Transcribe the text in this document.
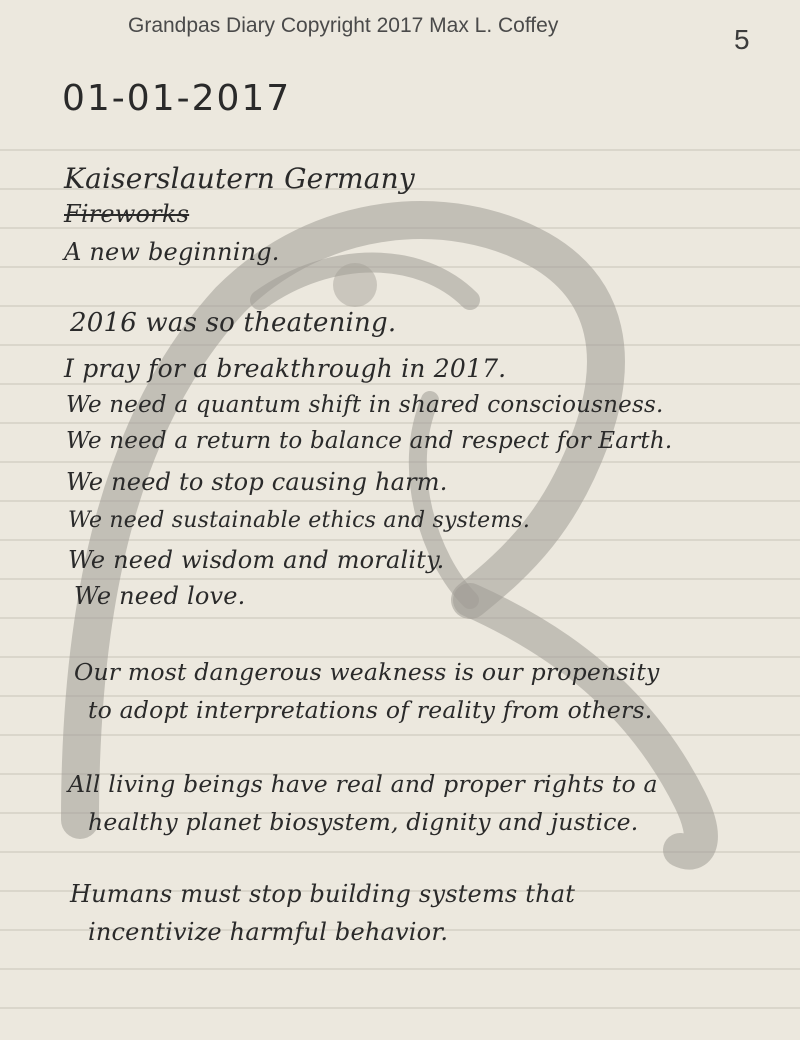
Grandpas Diary Copyright 2017 Max L. Coffey	5
01-01-2017
Kaiserslautern Germany
Fireworks
A new beginning.
2016 was so theatening.
I pray for a breakthrough in 2017.
We need a quantum shift in shared consciousness.
We need a return to balance and respect for Earth.
We need to stop causing harm.
We need sustainable ethics and systems.
We need wisdom and morality.
We need love.
Our most dangerous weakness is our propensity
to adopt interpretations of reality from others.
All living beings have real and proper rights to a
healthy planet biosystem, dignity and justice.
Humans must stop building systems that
incentivize harmful behavior.
